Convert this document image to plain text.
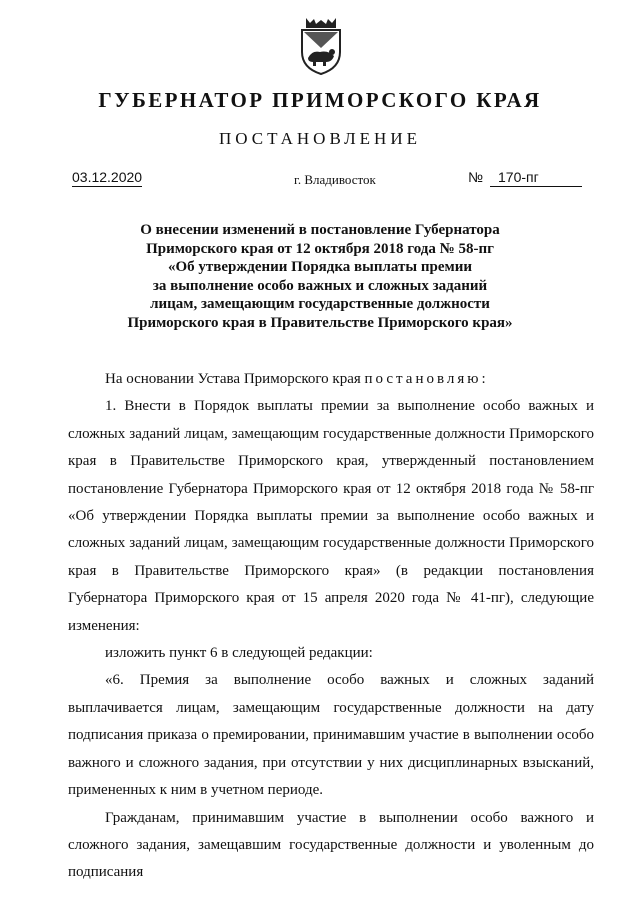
ГУБЕРНАТОР ПРИМОРСКОГО КРАЯ
ПОСТАНОВЛЕНИЕ
03.12.2020	г. Владивосток	№	170-пг
О внесении изменений в постановление Губернатора
Приморского края от 12 октября 2018 года № 58-пг
«Об утверждении Порядка выплаты премии
за выполнение особо важных и сложных заданий
лицам, замещающим государственные должности
Приморского края в Правительстве Приморского края»

На основании Устава Приморского края постановляю:

1. Внести в Порядок выплаты премии за выполнение особо важных и сложных заданий лицам, замещающим государственные должности Приморского края в Правительстве Приморского края, утвержденный постановлением постановление Губернатора Приморского края от 12 октября 2018 года № 58-пг «Об утверждении Порядка выплаты премии за выполнение особо важных и сложных заданий лицам, замещающим государственные должности Приморского края в Правительстве Приморского края» (в редакции постановления Губернатора Приморского края от 15 апреля 2020 года № 41-пг), следующие изменения:

изложить пункт 6 в следующей редакции:

«6. Премия за выполнение особо важных и сложных заданий выплачивается лицам, замещающим государственные должности на дату подписания приказа о премировании, принимавшим участие в выполнении особо важного и сложного задания, при отсутствии у них дисциплинарных взысканий, примененных к ним в учетном периоде.

Гражданам, принимавшим участие в выполнении особо важного и сложного задания, замещавшим государственные должности и уволенным до подписания
